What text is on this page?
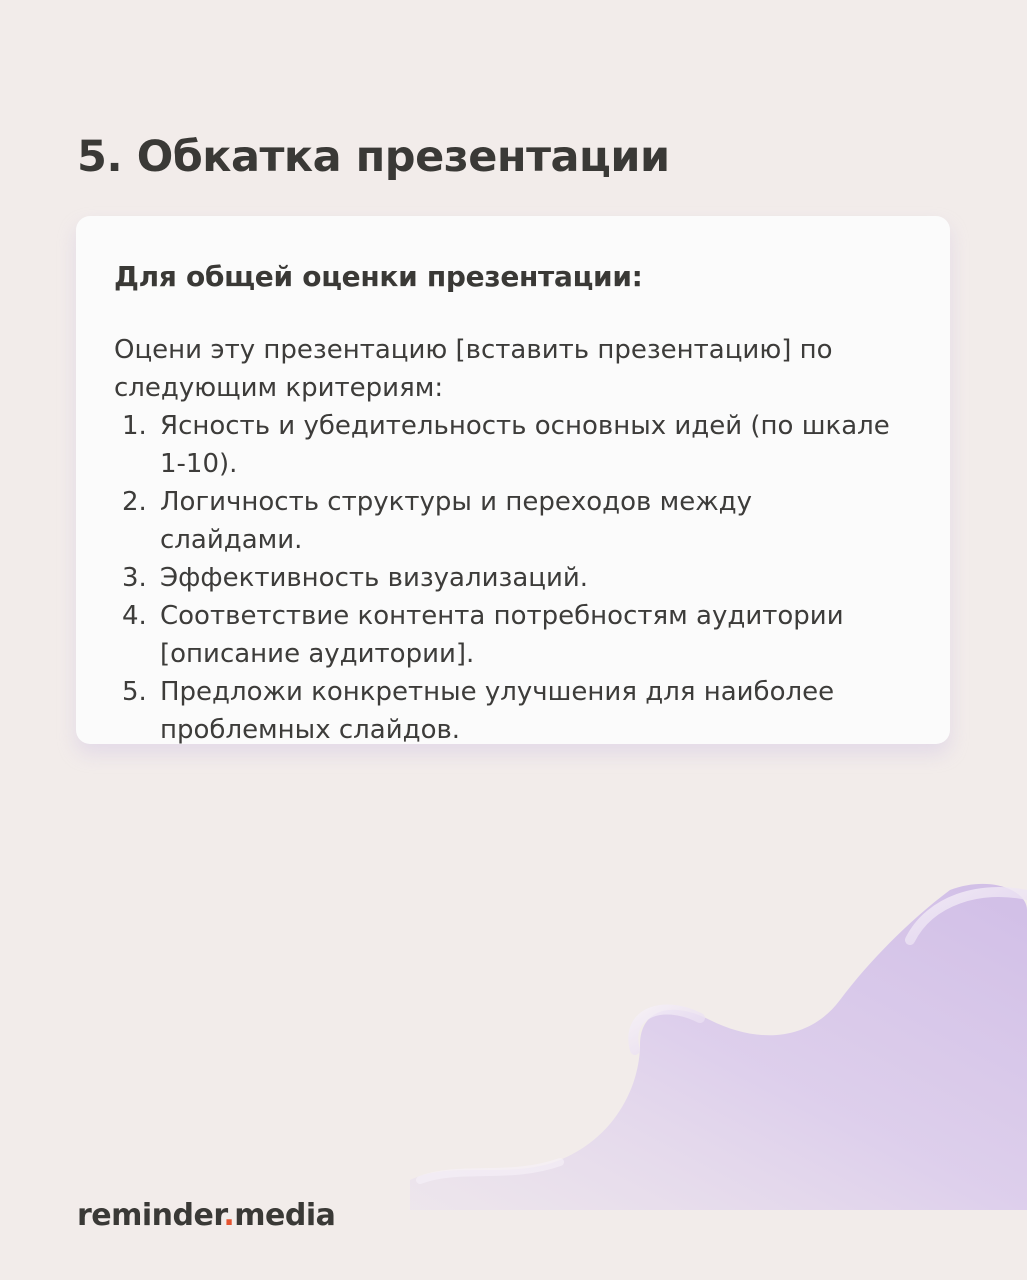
5. Обкатка презентации
Для общей оценки презентации:

Оцени эту презентацию [вставить презентацию] по следующим критериям:

1. Ясность и убедительность основных идей (по шкале 1-10).
2. Логичность структуры и переходов между слайдами.
3. Эффективность визуализаций.
4. Соответствие контента потребностям аудитории [описание аудитории].
5. Предложи конкретные улучшения для наиболее проблемных слайдов.
reminder.media
